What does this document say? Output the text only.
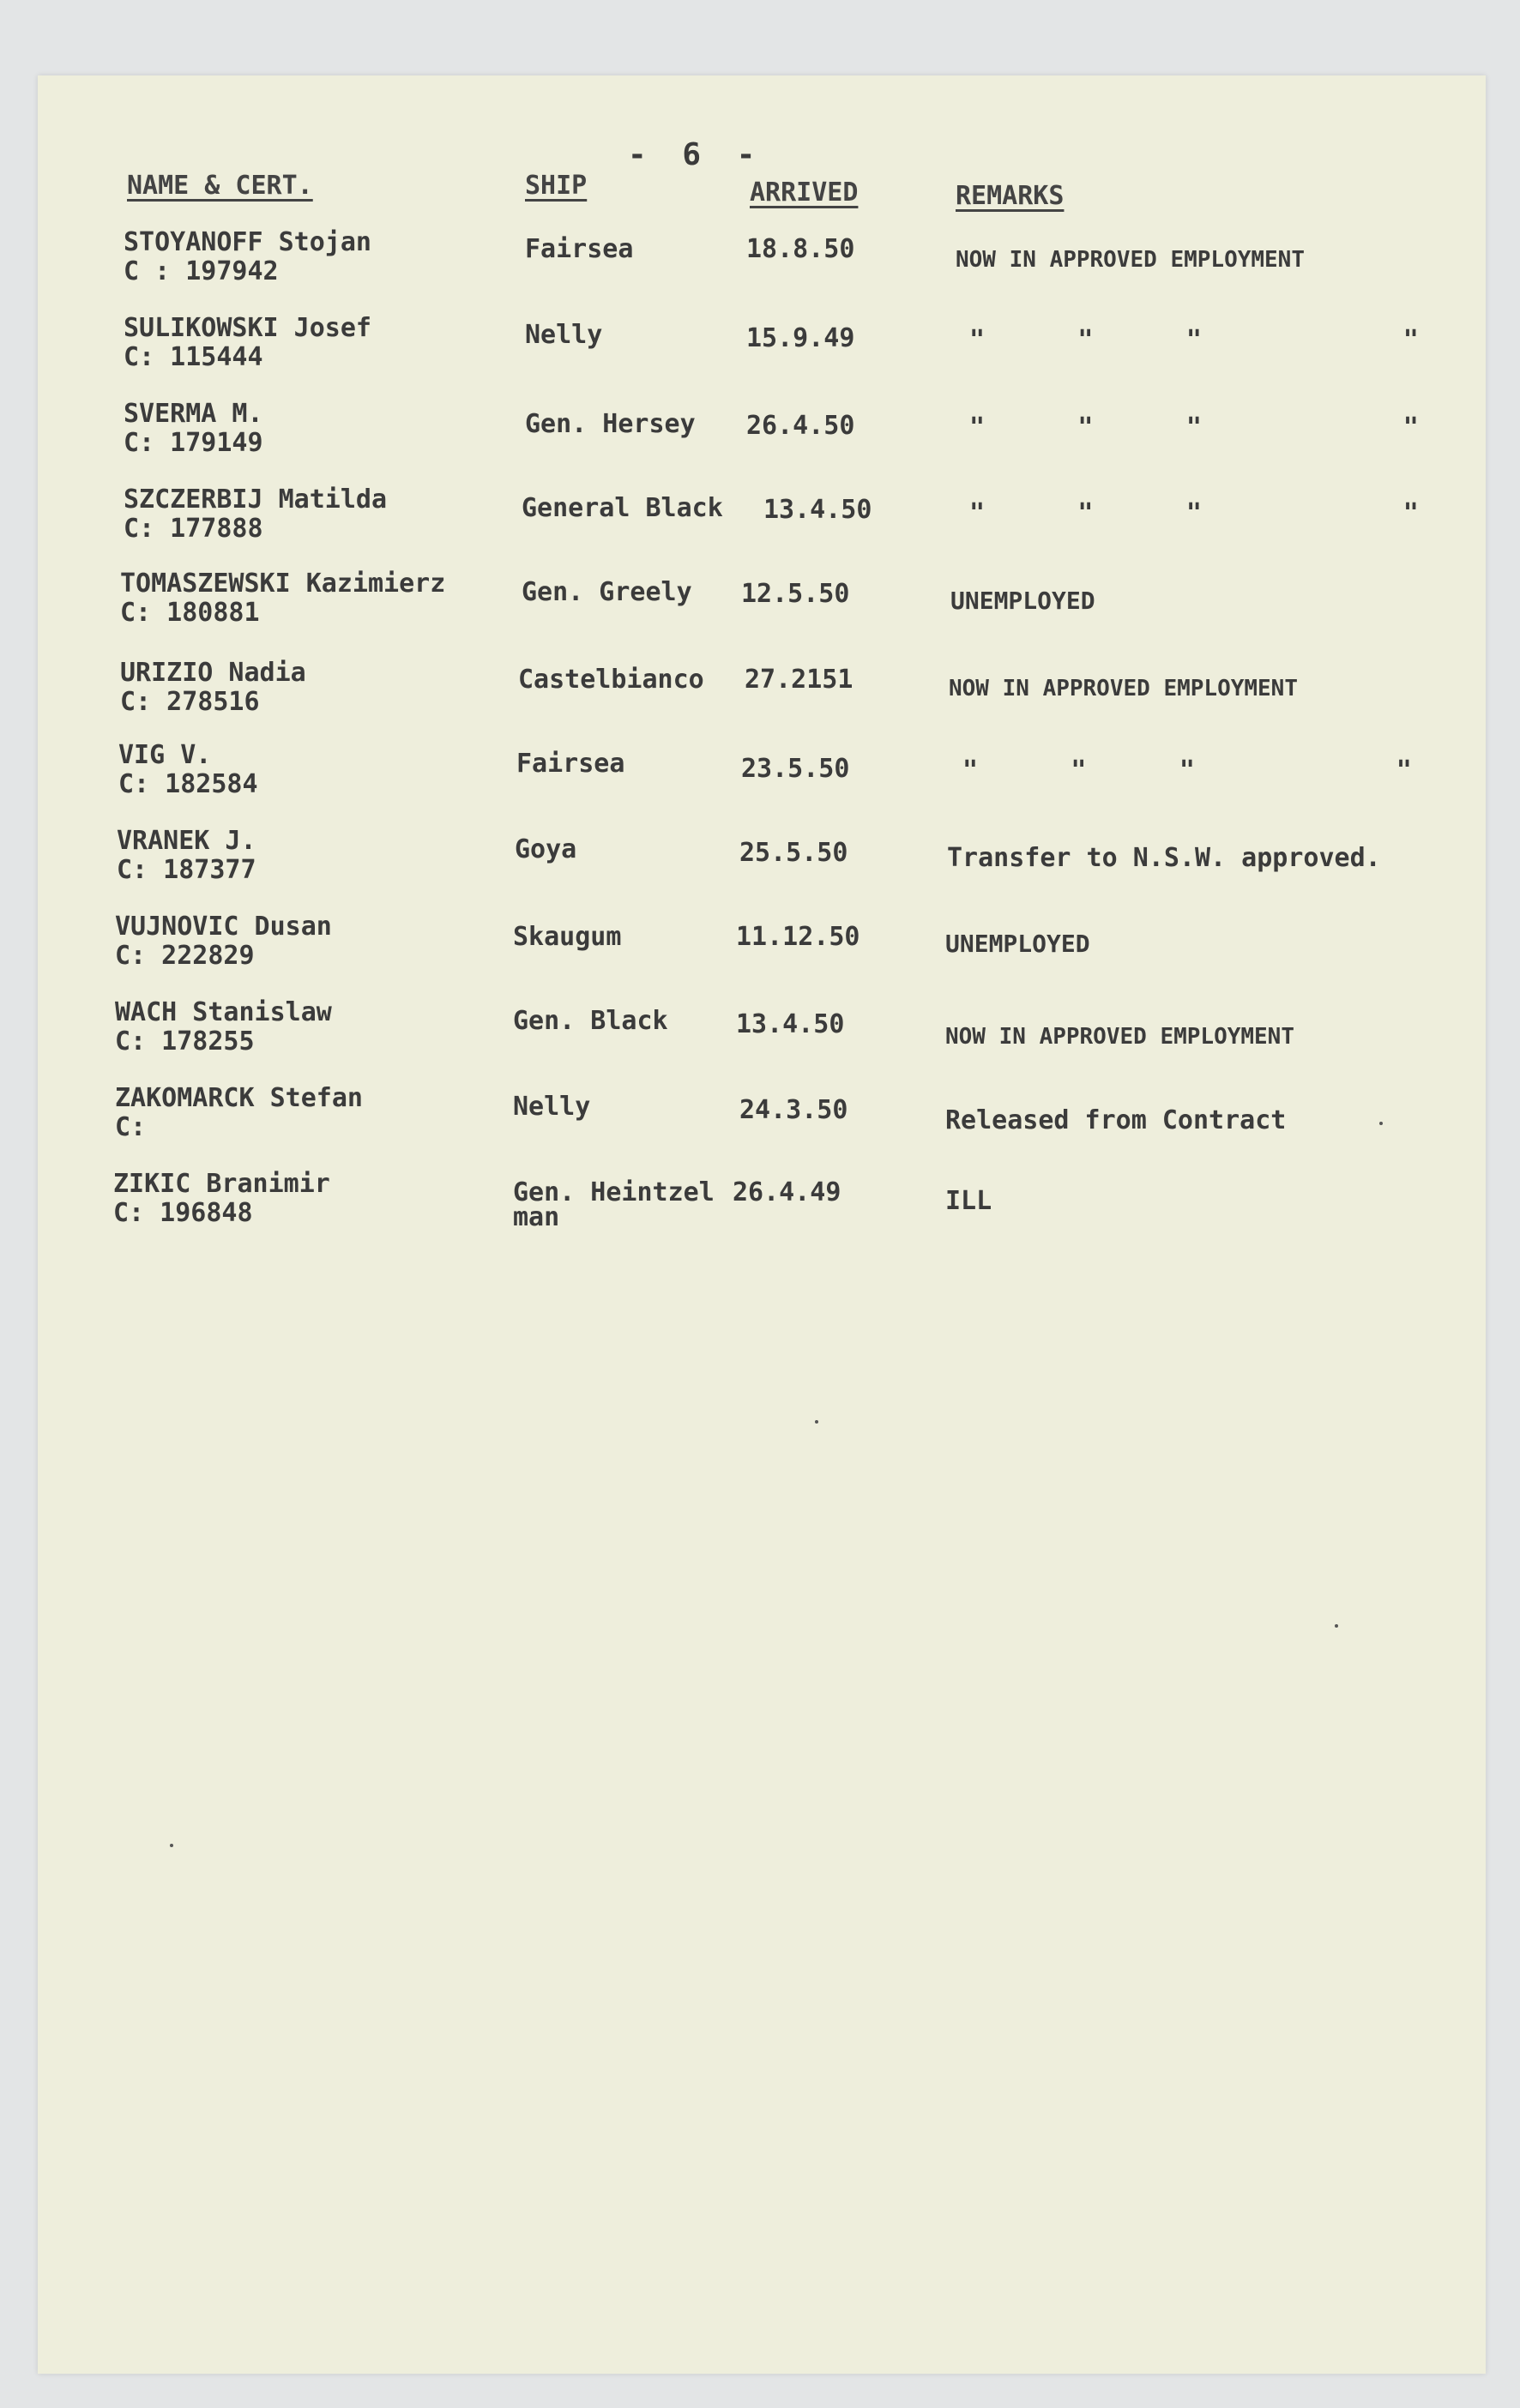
- 6 -
NAME & CERT.	SHIP	ARRIVED	REMARKS
STOYANOFF Stojan
C : 197942
Fairsea	18.8.50	NOW IN APPROVED EMPLOYMENT
SULIKOWSKI Josef
C: 115444
Nelly	15.9.49	"      "      "             "
SVERMA M.
C: 179149
Gen. Hersey 26.4.50	"      "      "             "
SZCZERBIJ Matilda
C: 177888
General Black 13.4.50	"      "      "             "
TOMASZEWSKI Kazimierz
C: 180881
Gen. Greely 12.5.50	UNEMPLOYED
URIZIO Nadia
C: 278516
Castelbianco 27.2151	NOW IN APPROVED EMPLOYMENT
VIG V.
C: 182584
Fairsea	23.5.50	"      "      "             "
VRANEK J.
C: 187377
Goya	25.5.50	Transfer to N.S.W. approved.
VUJNOVIC Dusan
C: 222829
Skaugum	11.12.50	UNEMPLOYED
WACH Stanislaw
C: 178255
Gen. Black	13.4.50	NOW IN APPROVED EMPLOYMENT
ZAKOMARCK Stefan
C:
Nelly	24.3.50	Released from Contract
ZIKIC Branimir
C: 196848
Gen. Heintzel
man
26.4.49	ILL
